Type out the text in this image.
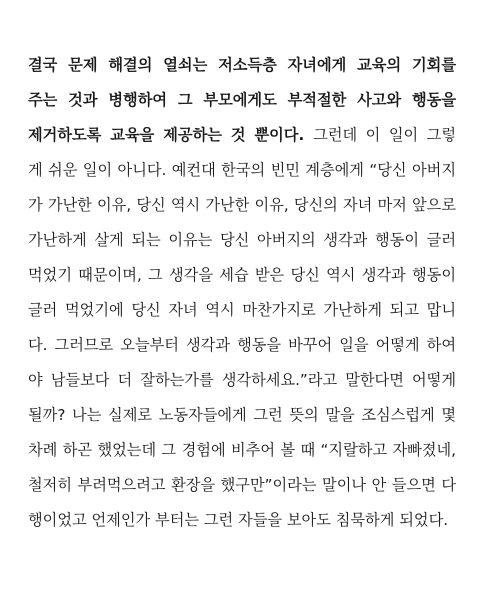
결국 문제 해결의 열쇠는 저소득층 자녀에게 교육의 기회를
주는 것과 병행하여 그 부모에게도 부적절한 사고와 행동을
제거하도록 교육을 제공하는 것 뿐이다. 그런데 이 일이 그렇
게 쉬운 일이 아니다. 예컨대 한국의 빈민 계층에게 “당신 아버지
가 가난한 이유, 당신 역시 가난한 이유, 당신의 자녀 마저 앞으로
가난하게 살게 되는 이유는 당신 아버지의 생각과 행동이 글러
먹었기 때문이며, 그 생각을 세습 받은 당신 역시 생각과 행동이
글러 먹었기에 당신 자녀 역시 마찬가지로 가난하게 되고 맙니
다. 그러므로 오늘부터 생각과 행동을 바꾸어 일을 어떻게 하여
야 남들보다 더 잘하는가를 생각하세요.”라고 말한다면 어떻게
될까? 나는 실제로 노동자들에게 그런 뜻의 말을 조심스럽게 몇
차례 하곤 했었는데 그 경험에 비추어 볼 때 “지랄하고 자빠졌네,
철저히 부려먹으려고 환장을 했구만”이라는 말이나 안 들으면 다
행이었고 언제인가 부터는 그런 자들을 보아도 침묵하게 되었다.
